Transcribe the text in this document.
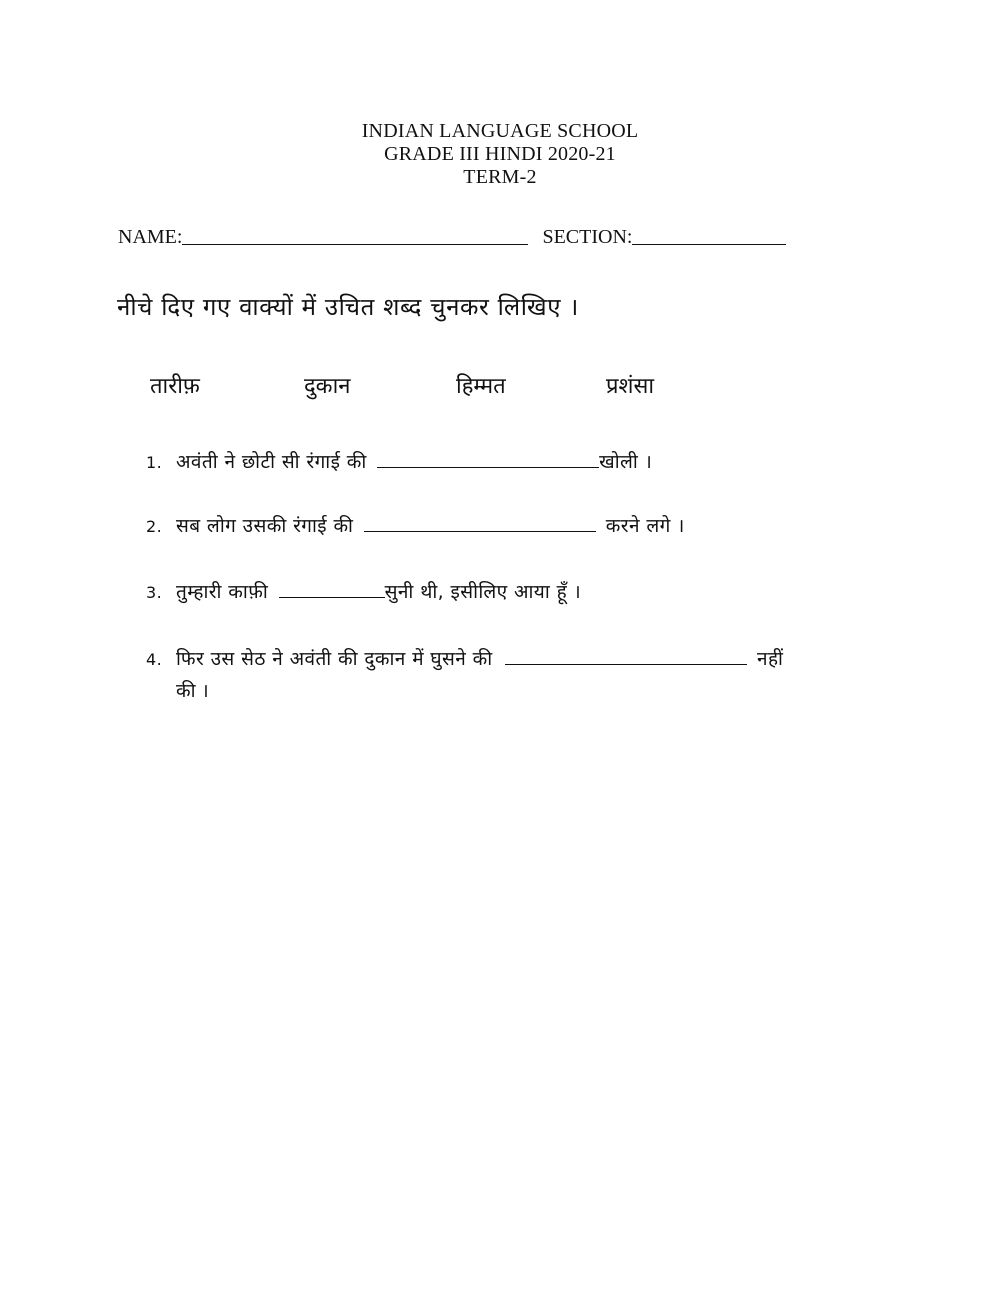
INDIAN LANGUAGE SCHOOL
GRADE III HINDI 2020-21
TERM-2
NAME:	SECTION:
नीचे दिए गए वाक्यों में उचित शब्द चुनकर लिखिए ।
तारीफ़	दुकान	हिम्मत	प्रशंसा
1. अवंती ने छोटी सी रंगाई की	खोली ।
2. सब लोग उसकी रंगाई की	करने लगे ।
3. तुम्हारी काफ़ी	सुनी थी, इसीलिए आया हूँ ।
4. फिर उस सेठ ने अवंती की दुकान में घुसने की	नहीं
की ।
